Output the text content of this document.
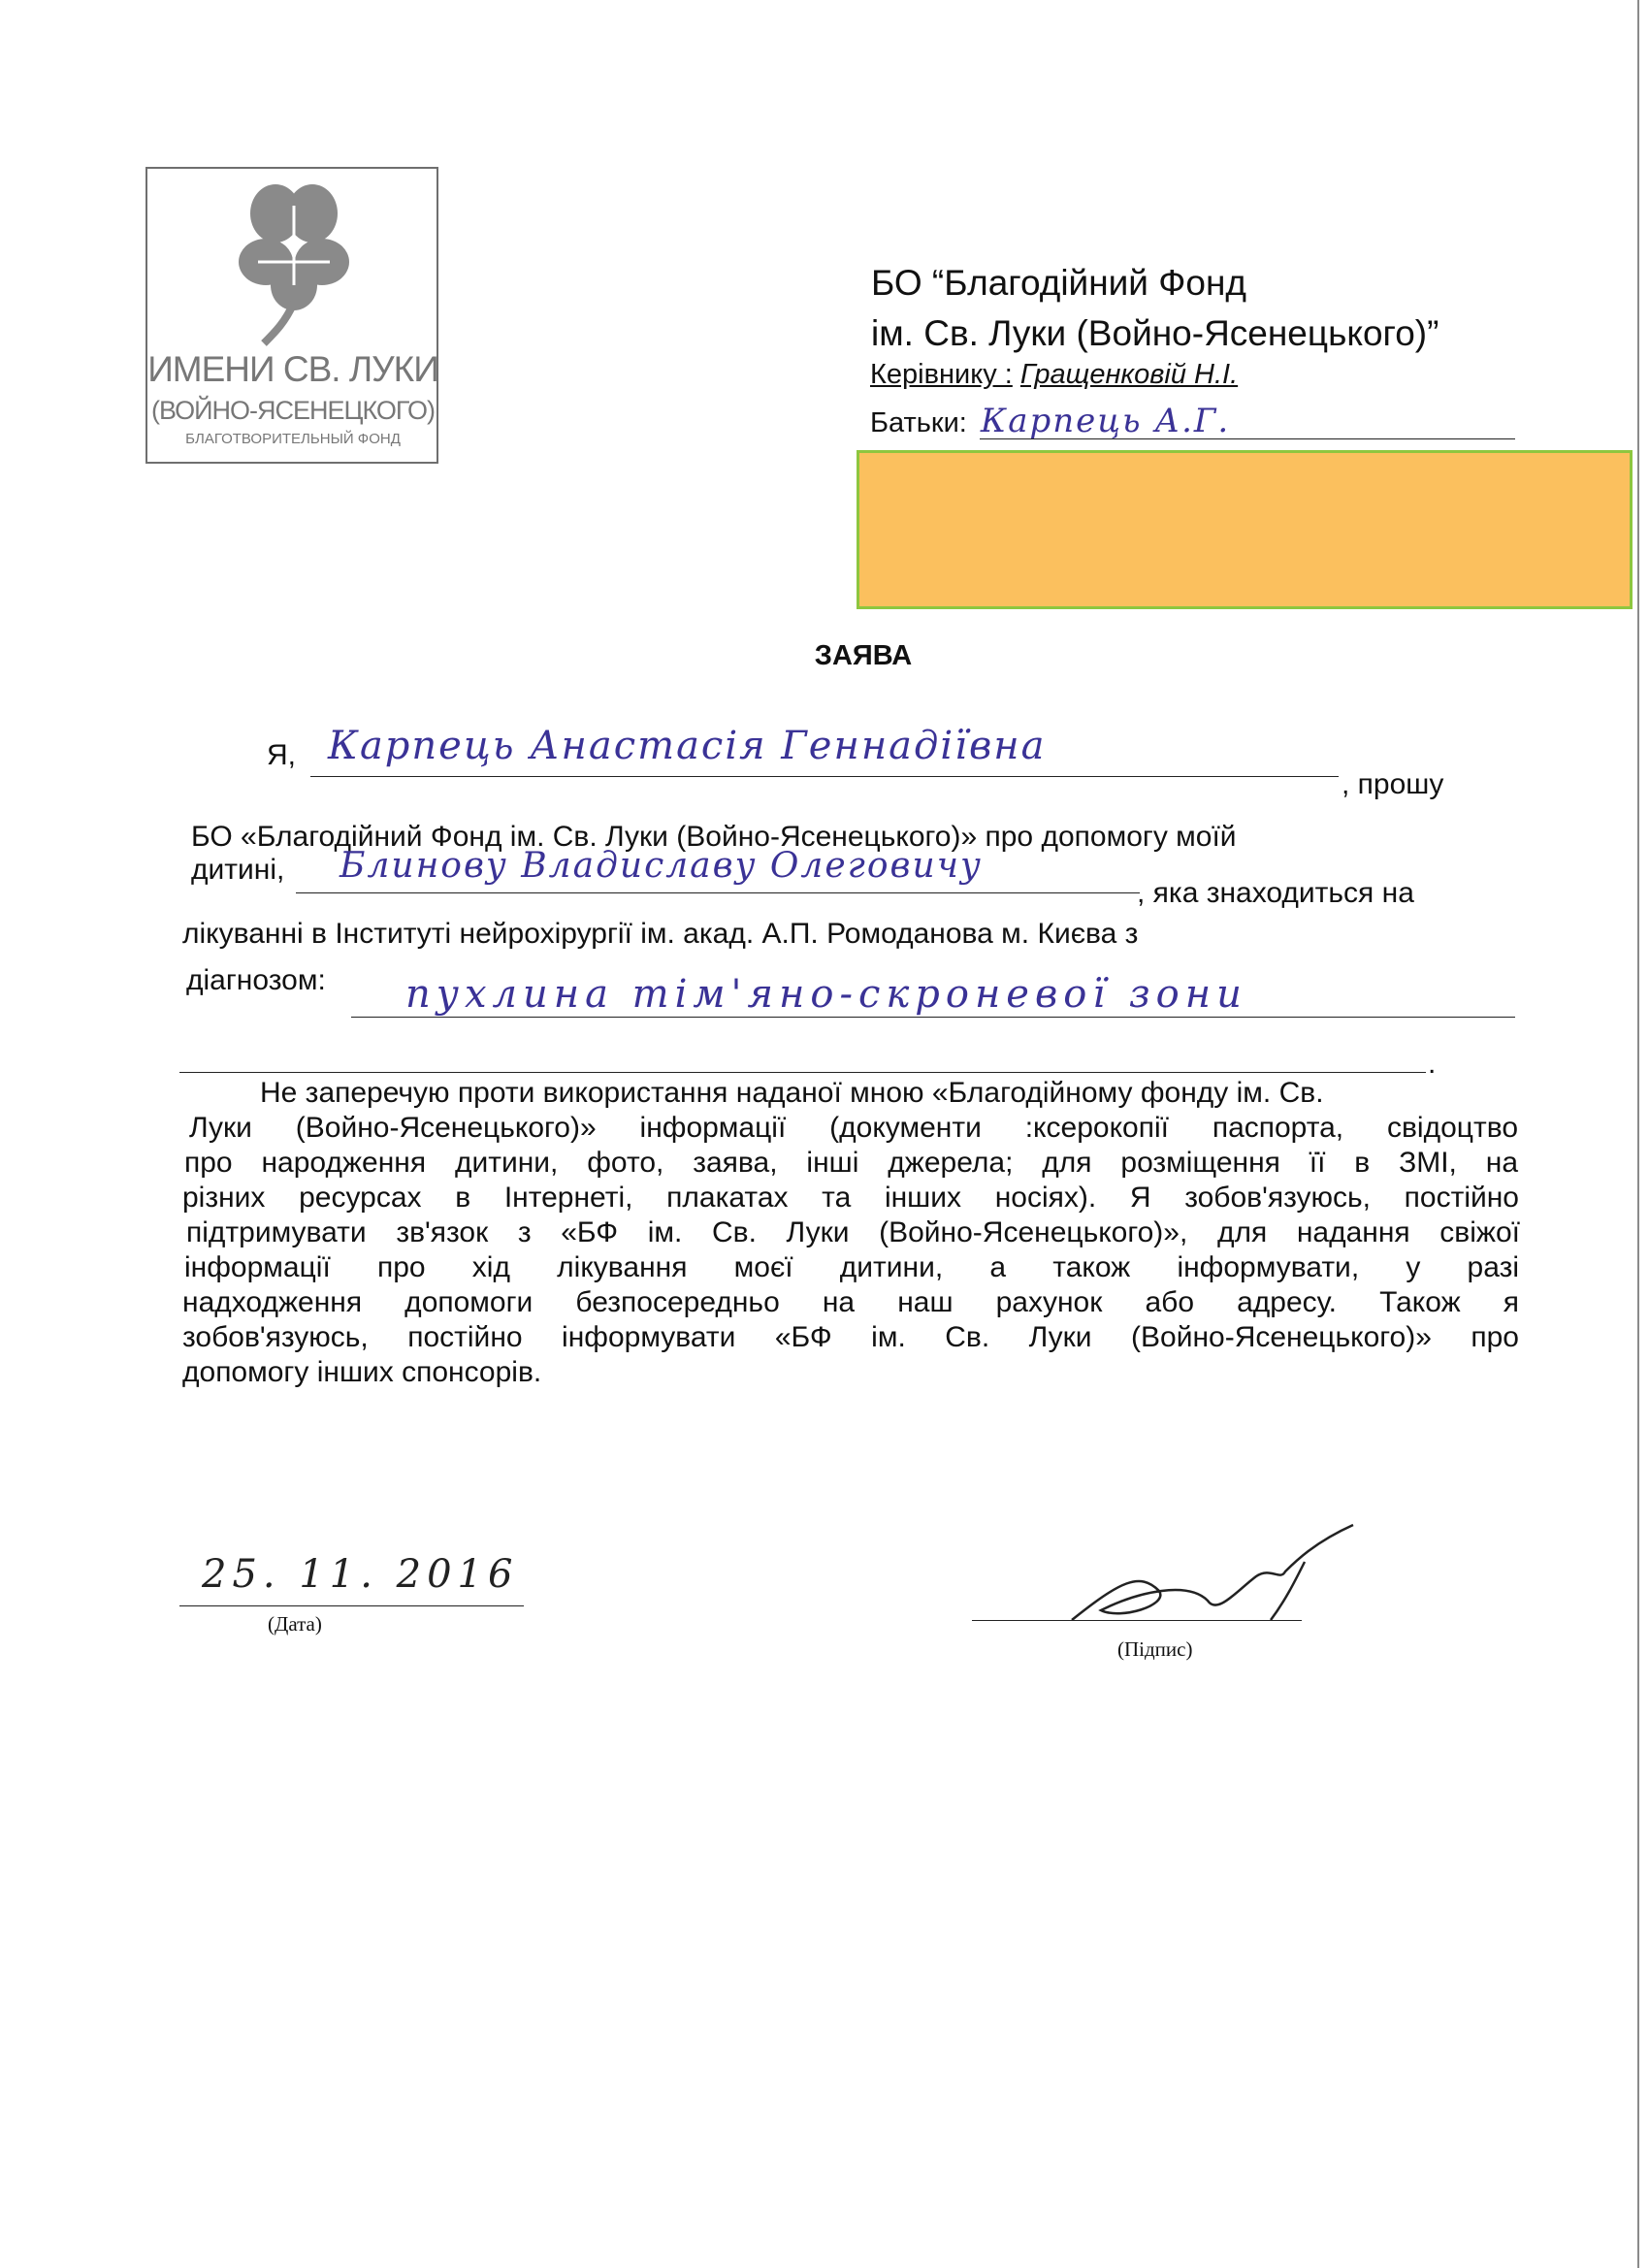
ИМЕНИ СВ. ЛУКИ
(ВОЙНО-ЯСЕНЕЦКОГО)
БЛАГОТВОРИТЕЛЬНЫЙ ФОНД
БО “Благодійний Фонд
ім. Св. Луки (Войно-Ясенецького)”
Керівнику : Гращенковій Н.І.
Батьки: Карпець А.Г.
ЗАЯВА
Я, Карпець Анастасія Геннадіївна
, прошу
БО «Благодійний Фонд ім. Св. Луки (Войно-Ясенецького)» про допомогу моїй
дитині, Блинову Владиславу Олеговичу
, яка знаходиться на
лікуванні в Інституті нейрохірургії ім. акад. А.П. Ромоданова м. Києва з
діагнозом: пухлина тім'яно-скроневої зони
.
Не заперечую проти використання наданої мною «Благодійному фонду ім. Св.
Луки (Войно-Ясенецького)» інформації (документи :ксерокопії паспорта, свідоцтво
про народження дитини, фото, заява, інші джерела; для розміщення її в ЗМІ, на
різних ресурсах в Інтернеті, плакатах та інших носіях). Я зобов'язуюсь, постійно
підтримувати зв'язок з «БФ ім. Св. Луки (Войно-Ясенецького)», для надання свіжої
інформації про хід лікування моєї дитини, а також інформувати, у разі
надходження допомоги безпосередньо на наш рахунок або адресу. Також я
зобов'язуюсь, постійно інформувати «БФ ім. Св. Луки (Войно-Ясенецького)» про
допомогу інших спонсорів.
25. 11. 2016
(Дата)
(Підпис)
